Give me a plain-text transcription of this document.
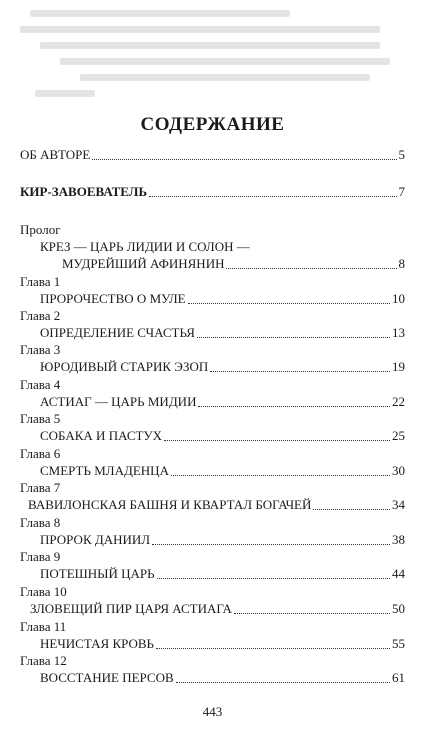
СОДЕРЖАНИЕ
ОБ АВТОРЕ	5
КИР-ЗАВОЕВАТЕЛЬ	7
Пролог
КРЕЗ — ЦАРЬ ЛИДИИ И СОЛОН —
МУДРЕЙШИЙ АФИНЯНИН	8
Глава 1
ПРОРОЧЕСТВО О МУЛЕ	10
Глава 2
ОПРЕДЕЛЕНИЕ СЧАСТЬЯ	13
Глава 3
ЮРОДИВЫЙ СТАРИК ЭЗОП	19
Глава 4
АСТИАГ — ЦАРЬ МИДИИ	22
Глава 5
СОБАКА И ПАСТУХ	25
Глава 6
СМЕРТЬ МЛАДЕНЦА	30
Глава 7
ВАВИЛОНСКАЯ БАШНЯ И КВАРТАЛ БОГАЧЕЙ	34
Глава 8
ПРОРОК ДАНИИЛ	38
Глава 9
ПОТЕШНЫЙ ЦАРЬ	44
Глава 10
ЗЛОВЕЩИЙ ПИР ЦАРЯ АСТИАГА	50
Глава 11
НЕЧИСТАЯ КРОВЬ	55
Глава 12
ВОССТАНИЕ ПЕРСОВ	61
443
